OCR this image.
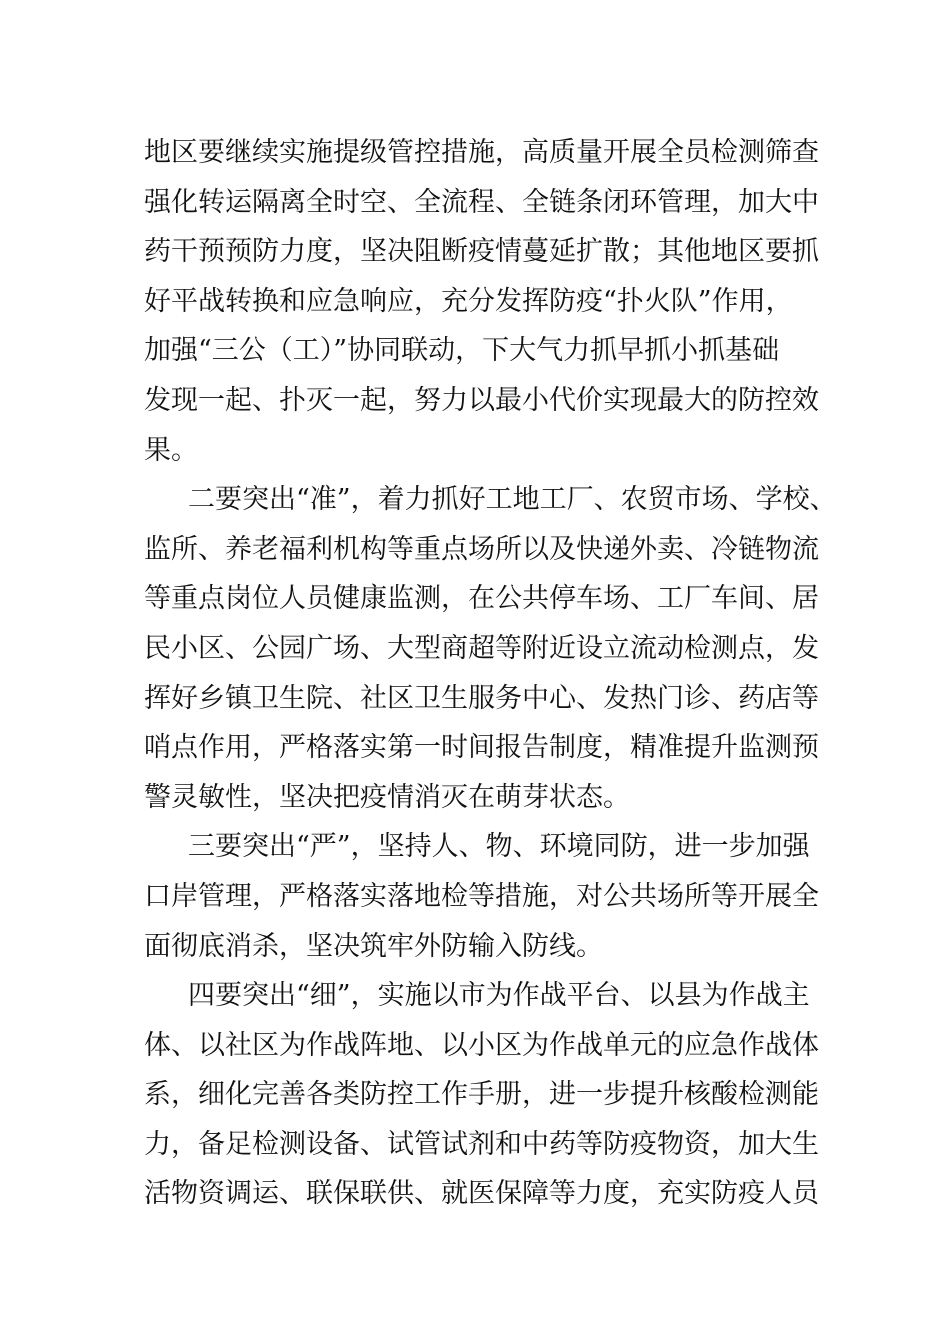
地区要继续实施提级管控措施，高质量开展全员检测筛查
强化转运隔离全时空、全流程、全链条闭环管理，加大中
药干预预防力度，坚决阻断疫情蔓延扩散；其他地区要抓
好平战转换和应急响应，充分发挥防疫“扑火队”作用，
加强“三公（工）”协同联动，下大气力抓早抓小抓基础
发现一起、扑灭一起，努力以最小代价实现最大的防控效
果。
二要突出“准”，着力抓好工地工厂、农贸市场、学校、
监所、养老福利机构等重点场所以及快递外卖、冷链物流
等重点岗位人员健康监测，在公共停车场、工厂车间、居
民小区、公园广场、大型商超等附近设立流动检测点，发
挥好乡镇卫生院、社区卫生服务中心、发热门诊、药店等
哨点作用，严格落实第一时间报告制度，精准提升监测预
警灵敏性，坚决把疫情消灭在萌芽状态。
三要突出“严”，坚持人、物、环境同防，进一步加强
口岸管理，严格落实落地检等措施，对公共场所等开展全
面彻底消杀，坚决筑牢外防输入防线。
四要突出“细”，实施以市为作战平台、以县为作战主
体、以社区为作战阵地、以小区为作战单元的应急作战体
系，细化完善各类防控工作手册，进一步提升核酸检测能
力，备足检测设备、试管试剂和中药等防疫物资，加大生
活物资调运、联保联供、就医保障等力度，充实防疫人员
